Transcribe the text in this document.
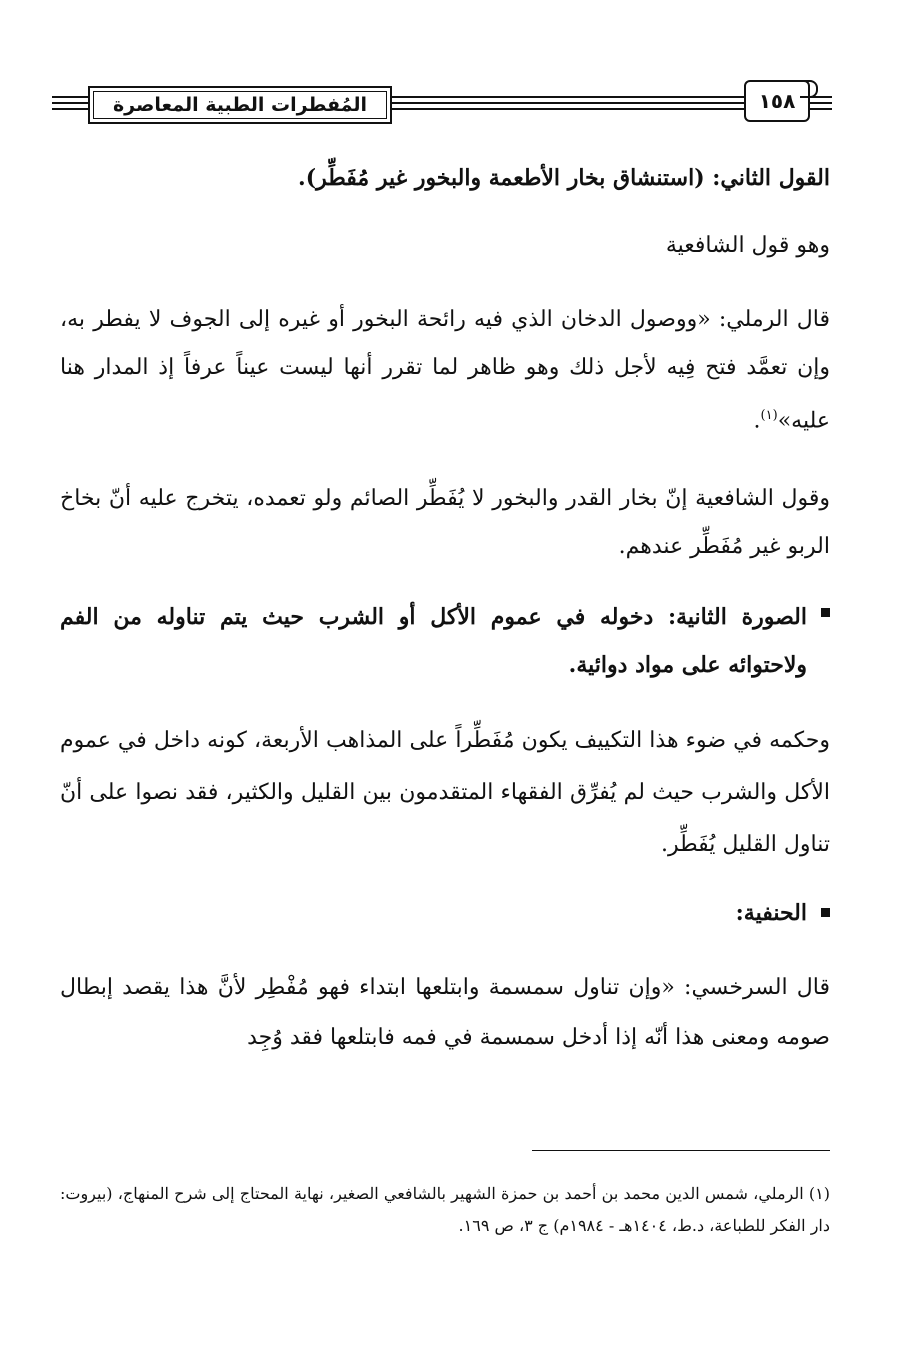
المُفطرات الطبية المعاصرة	١٥٨

القول الثاني: (استنشاق بخار الأطعمة والبخور غير مُفَطِّر).

وهو قول الشافعية

قال الرملي: «ووصول الدخان الذي فيه رائحة البخور أو غيره إلى الجوف لا يفطر به، وإن تعمَّد فتح فِيه لأجل ذلك وهو ظاهر لما تقرر أنها ليست عيناً عرفاً إذ المدار هنا عليه»$^{(١)}$.

وقول الشافعية إنّ بخار القدر والبخور لا يُفَطِّر الصائم ولو تعمده، يتخرج عليه أنّ بخاخ الربو غير مُفَطِّر عندهم.

الصورة الثانية: دخوله في عموم الأكل أو الشرب حيث يتم تناوله من الفم ولاحتوائه على مواد دوائية.

وحكمه في ضوء هذا التكييف يكون مُفَطِّراً على المذاهب الأربعة، كونه داخل في عموم الأكل والشرب حيث لم يُفرِّق الفقهاء المتقدمون بين القليل والكثير، فقد نصوا على أنّ تناول القليل يُفَطِّر.

الحنفية:

قال السرخسي: «وإن تناول سمسمة وابتلعها ابتداء فهو مُفْطِر لأنَّ هذا يقصد إبطال صومه ومعنى هذا أنّه إذا أدخل سمسمة في فمه فابتلعها فقد وُجِد

(١) الرملي، شمس الدين محمد بن أحمد بن حمزة الشهير بالشافعي الصغير، نهاية المحتاج إلى شرح المنهاج، (بيروت: دار الفكر للطباعة، د.ط، ١٤٠٤هـ - ١٩٨٤م) ج ٣، ص ١٦٩.
